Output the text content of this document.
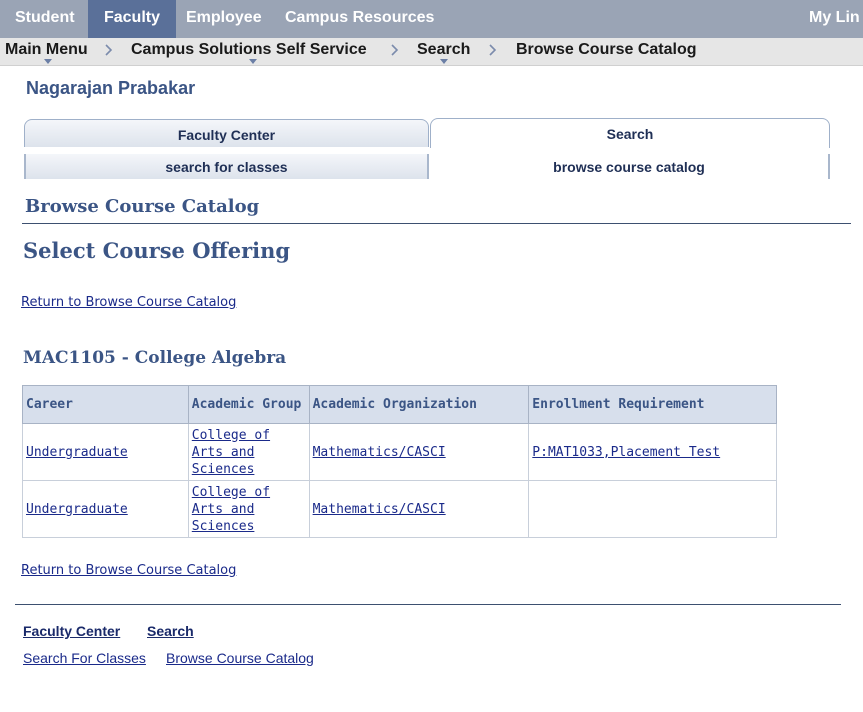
Student	Faculty	Employee Campus Resources	My Lin
Main Menu	Campus Solutions Self Service	Search	Browse Course Catalog
Nagarajan Prabakar
Faculty Center	Search
search for classes	browse course catalog
Browse Course Catalog
Select Course Offering
Return to Browse Course Catalog
MAC1105 - College Algebra
Career	Academic Group	Academic Organization	Enrollment Requirement
Undergraduate	College of Arts and Sciences	Mathematics/CASCI	P:MAT1033,Placement Test
Undergraduate	College of Arts and Sciences	Mathematics/CASCI	
Return to Browse Course Catalog
Faculty Center Search
Search For Classes Browse Course Catalog
